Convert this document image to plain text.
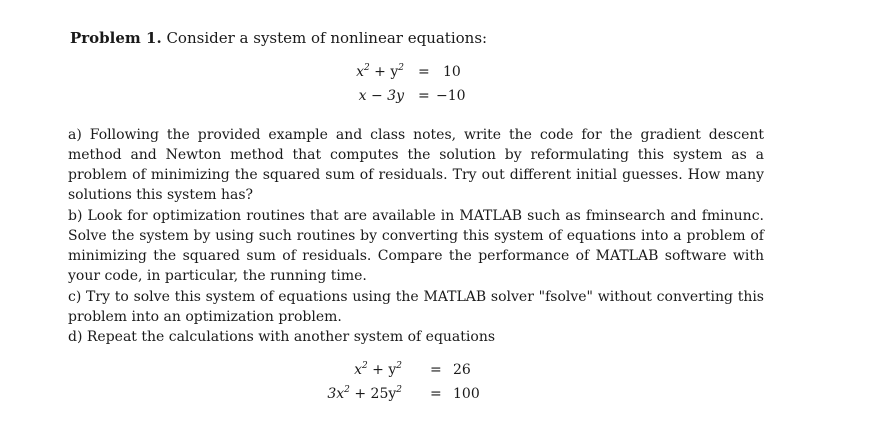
Problem 1. Consider a system of nonlinear equations:
$x^2 + y^2 = 10$
x − 3y = −10
a) Following the provided example and class notes, write the code for the gradient descent method and Newton method that computes the solution by reformulating this system as a problem of minimizing the squared sum of residuals. Try out different initial guesses. How many solutions this system has?
b) Look for optimization routines that are available in MATLAB such as fminsearch and fminunc. Solve the system by using such routines by converting this system of equations into a problem of minimizing the squared sum of residuals. Compare the performance of MATLAB software with your code, in particular, the running time.
c) Try to solve this system of equations using the MATLAB solver "fsolve" without converting this problem into an optimization problem.
d) Repeat the calculations with another system of equations
$x^2 + y^2 = 26$
$3x^2 + 25y^2 = 100$
